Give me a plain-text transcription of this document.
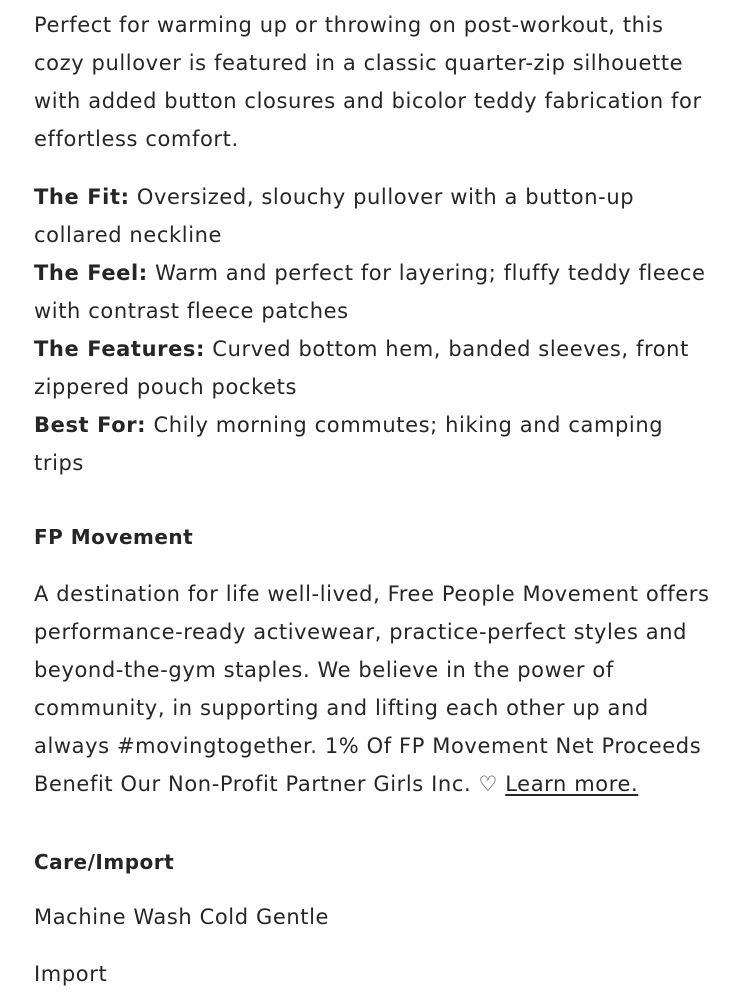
Perfect for warming up or throwing on post-workout, this cozy pullover is featured in a classic quarter-zip silhouette with added button closures and bicolor teddy fabrication for effortless comfort.

The Fit: Oversized, slouchy pullover with a button-up collared neckline
The Feel: Warm and perfect for layering; fluffy teddy fleece with contrast fleece patches
The Features: Curved bottom hem, banded sleeves, front zippered pouch pockets
Best For: Chily morning commutes; hiking and camping trips

FP Movement

A destination for life well-lived, Free People Movement offers performance-ready activewear, practice-perfect styles and beyond-the-gym staples. We believe in the power of community, in supporting and lifting each other up and always #movingtogether. 1% Of FP Movement Net Proceeds Benefit Our Non-Profit Partner Girls Inc. ♡ Learn more.

Care/Import

Machine Wash Cold Gentle

Import
